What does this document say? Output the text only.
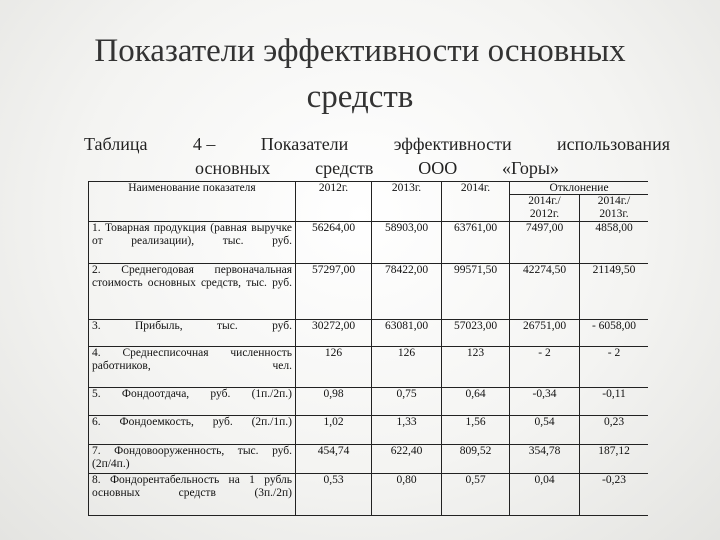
Показатели эффективности основных
средств
Таблица	4 –	Показатели	эффективности	использования
основных средств ООО «Горы»
Наименование показателя	2012г.	2013г.	2014г.	Отклонение	
				2014г./ 2012г.	2014г./ 2013г.
1. Товарная продукция (равная выручке от реализации), тыс. руб.	56264,00	58903,00	63761,00	7497,00	4858,00
2. Среднегодовая первоначальная стоимость основных средств, тыс. руб.	57297,00	78422,00	99571,50	42274,50	21149,50
3. Прибыль, тыс. руб.	30272,00	63081,00	57023,00	26751,00	- 6058,00
4. Среднесписочная численность работников, чел.	126	126	123	- 2	- 2
5. Фондоотдача, руб. (1п./2п.)	0,98	0,75	0,64	-0,34	-0,11
6. Фондоемкость, руб. (2п./1п.)	1,02	1,33	1,56	0,54	0,23
7. Фондовооруженность, тыс. руб. (2п/4п.)	454,74	622,40	809,52	354,78	187,12
8. Фондорентабельность на 1 рубль основных средств (3п./2п)	0,53	0,80	0,57	0,04	-0,23
